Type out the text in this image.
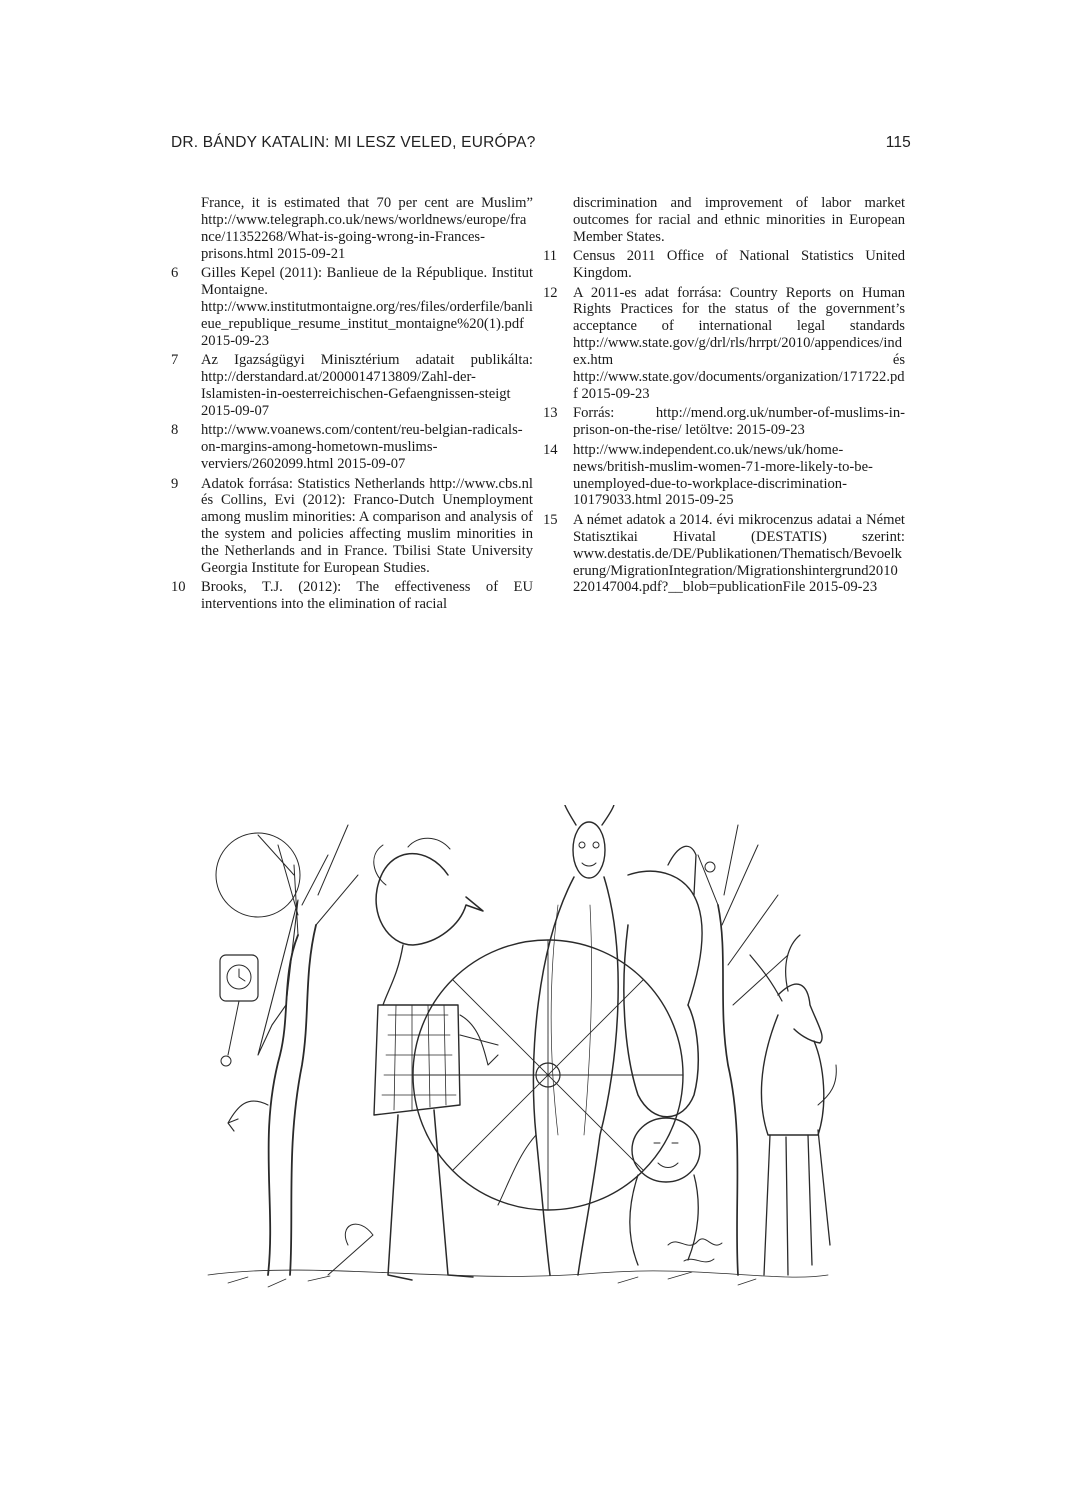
DR. BÁNDY KATALIN: MI LESZ VELED, EURÓPA?	115
France, it is estimated that 70 per cent are Muslim” http://www.telegraph.co.uk/news/worldnews/europe/france/11352268/What-is-going-wrong-in-Frances-prisons.html 2015-09-21
6	Gilles Kepel (2011): Banlieue de la République. Institut Montaigne. http://www.institutmontaigne.org/res/files/orderfile/banlieue_republique_resume_institut_montaigne%20(1).pdf 2015-09-23
7	Az Igazságügyi Minisztérium adatait publikálta: http://derstandard.at/2000014713809/Zahl-der-Islamisten-in-oesterreichischen-Gefaengnissen-steigt 2015-09-07
8	http://www.voanews.com/content/reu-belgian-radicals-on-margins-among-hometown-muslims-verviers/2602099.html 2015-09-07
9	Adatok forrása: Statistics Netherlands http://www.cbs.nl és Collins, Evi (2012): Franco-Dutch Unemployment among muslim minorities: A comparison and analysis of the system and policies affecting muslim minorities in the Netherlands and in France. Tbilisi State University Georgia Institute for European Studies.
10	Brooks, T.J. (2012): The effectiveness of EU interventions into the elimination of racial
discrimination and improvement of labor market outcomes for racial and ethnic minorities in European Member States.
11	Census 2011 Office of National Statistics United Kingdom.
12	A 2011-es adat forrása: Country Reports on Human Rights Practices for the status of the government’s acceptance of international legal standards http://www.state.gov/g/drl/rls/hrrpt/2010/appendices/index.htm és http://www.state.gov/documents/organization/171722.pdf 2015-09-23
13	Forrás: http://mend.org.uk/number-of-muslims-in-prison-on-the-rise/ letöltve: 2015-09-23
14	http://www.independent.co.uk/news/uk/home-news/british-muslim-women-71-more-likely-to-be-unemployed-due-to-workplace-discrimination-10179033.html 2015-09-25
15	A német adatok a 2014. évi mikrocenzus adatai a Német Statisztikai Hivatal (DESTATIS) szerint: www.destatis.de/DE/Publikationen/Thematisch/Bevoelkerung/MigrationIntegration/Migrationshintergrund2010220147004.pdf?__blob=publicationFile 2015-09-23
